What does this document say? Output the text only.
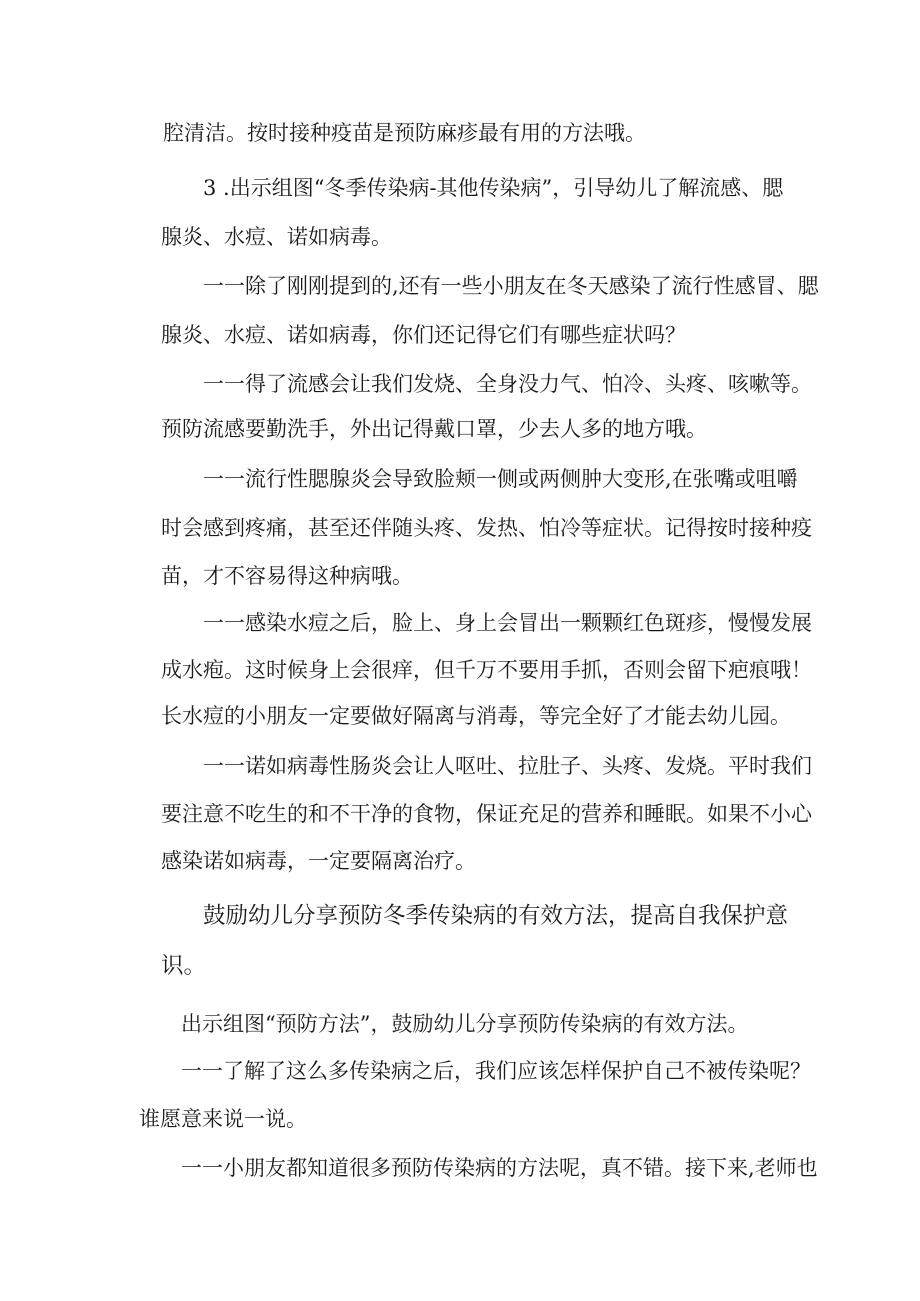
腔清洁。按时接种疫苗是预防麻疹最有用的方法哦。
3 .出示组图“冬季传染病-其他传染病”，引导幼儿了解流感、腮
腺炎、水痘、诺如病毒。
一一除了刚刚提到的,还有一些小朋友在冬天感染了流行性感冒、腮
腺炎、水痘、诺如病毒，你们还记得它们有哪些症状吗？
一一得了流感会让我们发烧、全身没力气、怕冷、头疼、咳嗽等。
预防流感要勤洗手，外出记得戴口罩，少去人多的地方哦。
一一流行性腮腺炎会导致脸颊一侧或两侧肿大变形,在张嘴或咀嚼
时会感到疼痛，甚至还伴随头疼、发热、怕冷等症状。记得按时接种疫
苗，才不容易得这种病哦。
一一感染水痘之后，脸上、身上会冒出一颗颗红色斑疹，慢慢发展
成水疱。这时候身上会很痒，但千万不要用手抓，否则会留下疤痕哦！
长水痘的小朋友一定要做好隔离与消毒，等完全好了才能去幼儿园。
一一诺如病毒性肠炎会让人呕吐、拉肚子、头疼、发烧。平时我们
要注意不吃生的和不干净的食物，保证充足的营养和睡眠。如果不小心
感染诺如病毒，一定要隔离治疗。
鼓励幼儿分享预防冬季传染病的有效方法，提高自我保护意
识。
出示组图“预防方法”，鼓励幼儿分享预防传染病的有效方法。
一一了解了这么多传染病之后，我们应该怎样保护自己不被传染呢？
谁愿意来说一说。
一一小朋友都知道很多预防传染病的方法呢，真不错。接下来,老师也
